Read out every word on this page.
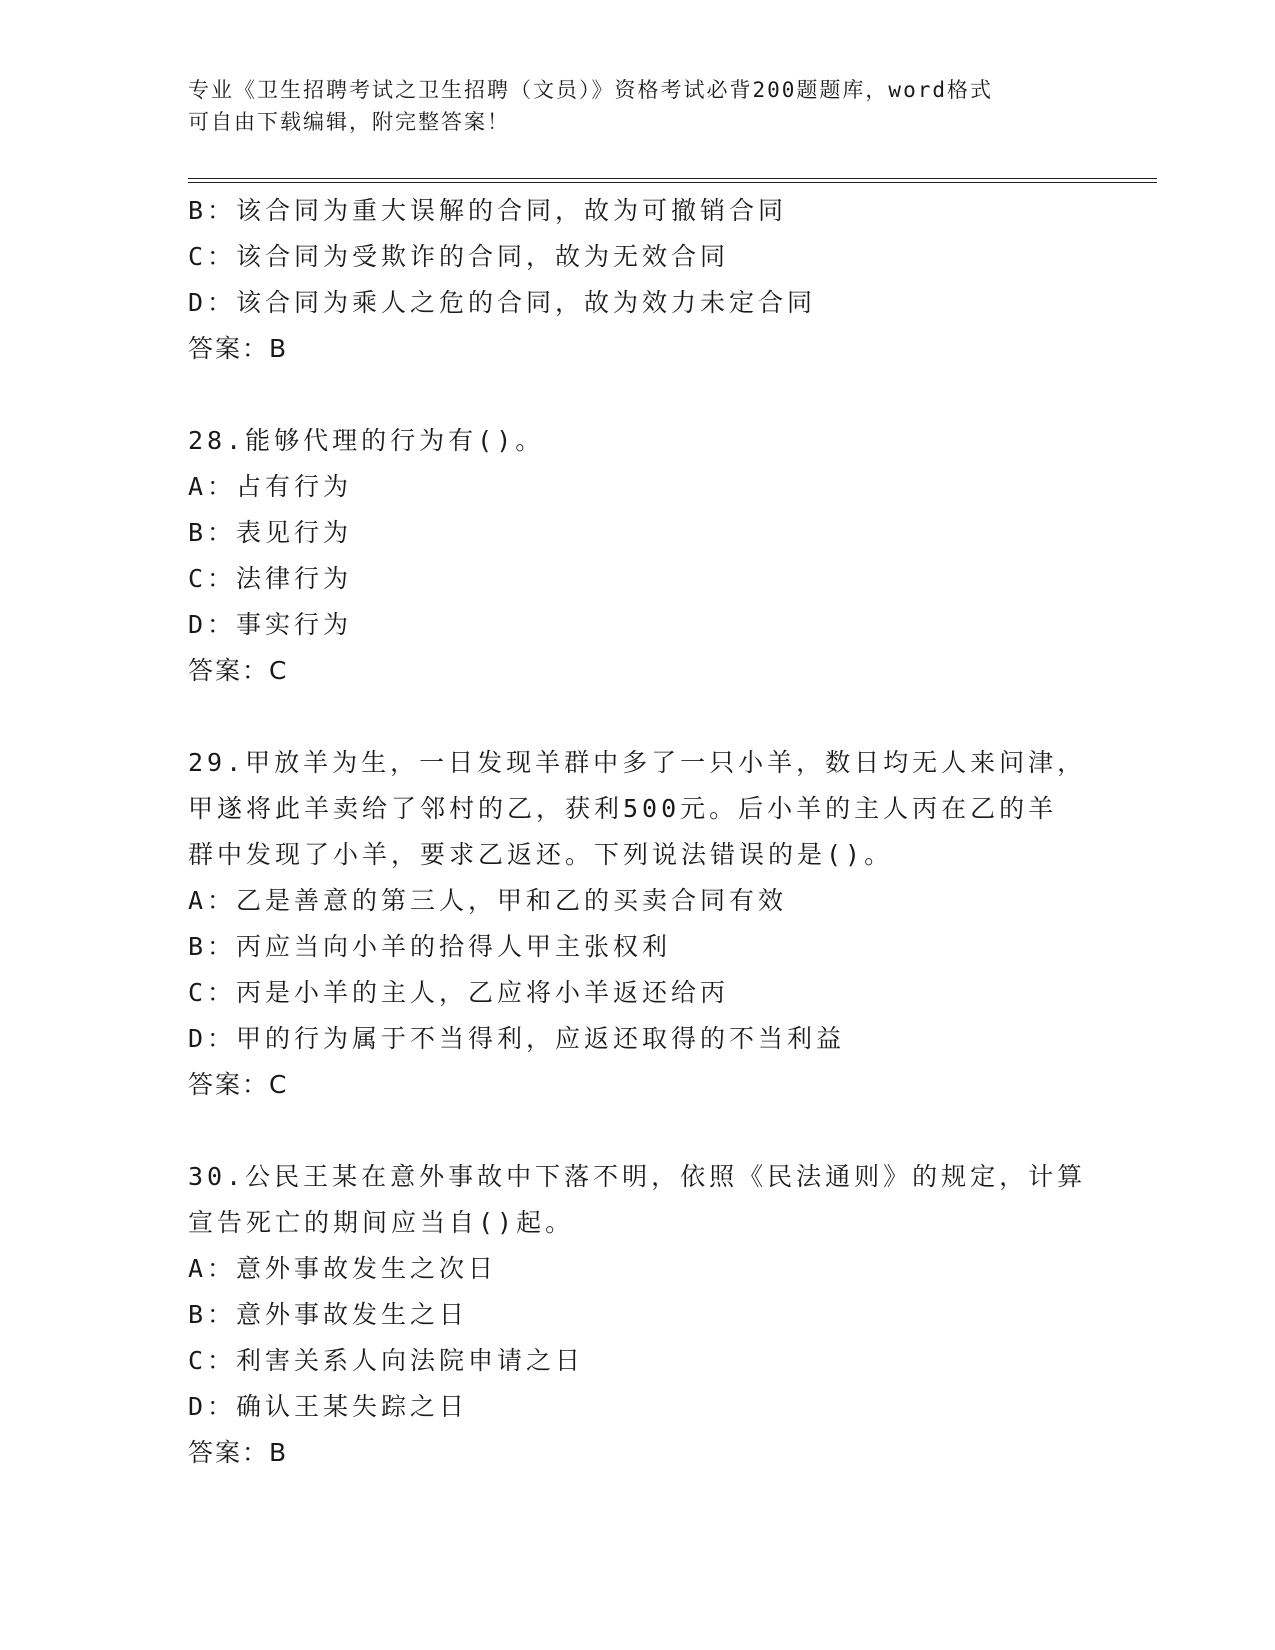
专业《卫生招聘考试之卫生招聘（文员）》资格考试必背200题题库，word格式
可自由下载编辑，附完整答案！
B：该合同为重大误解的合同，故为可撤销合同
C：该合同为受欺诈的合同，故为无效合同
D：该合同为乘人之危的合同，故为效力未定合同
答案：B
28.能够代理的行为有()。
A：占有行为
B：表见行为
C：法律行为
D：事实行为
答案：C
29.甲放羊为生，一日发现羊群中多了一只小羊，数日均无人来问津，
甲遂将此羊卖给了邻村的乙，获利500元。后小羊的主人丙在乙的羊
群中发现了小羊，要求乙返还。下列说法错误的是()。
A：乙是善意的第三人，甲和乙的买卖合同有效
B：丙应当向小羊的拾得人甲主张权利
C：丙是小羊的主人，乙应将小羊返还给丙
D：甲的行为属于不当得利，应返还取得的不当利益
答案：C
30.公民王某在意外事故中下落不明，依照《民法通则》的规定，计算
宣告死亡的期间应当自()起。
A：意外事故发生之次日
B：意外事故发生之日
C：利害关系人向法院申请之日
D：确认王某失踪之日
答案：B
